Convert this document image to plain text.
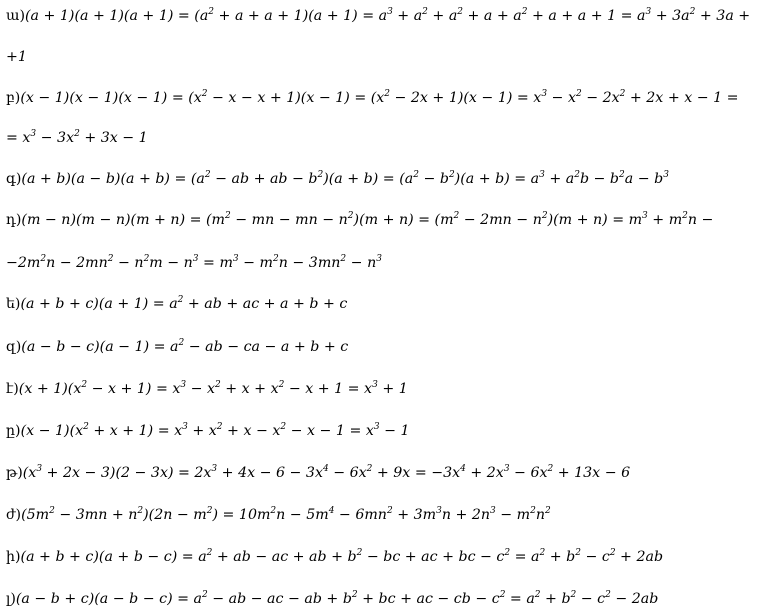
ա)(a + $1)(a + 1)(a + 1) = (a^2 + a + a + 1)(a + 1) = a^3 + a^2 + a^2 + a + a^2 + a + a + 1 = a^3 + 3a^2 + 3a$ +
+1
բ)(x − $1)(x - 1)(x - 1) = (x^2 - x - x + 1)(x - 1) = (x^2 - 2x + 1)(x - 1) = x^3 - x^2 - 2x^2 + 2x + x - 1$ =
= $x^3 - 3x^2 + 3x - 1$
գ)(a + $b)(a - b)(a + b) = (a^2$ − ab + ab − $b^2)(a + b) = (a^2 - b^2)(a + b) = a^3 + a^2b - b^2a - b^3$
դ)(m − $n)(m - n)(m + n) = (m^2$ − mn − mn − $n^2)(m + n) = (m^2 - 2mn - n^2)(m + n) = m^3 + m^2n$ −
$-2m^2n - 2mn^2 - n^2m - n^3 = m^3 - m^2n - 3mn^2 - n^3$
ե)(a + $b + c)(a + 1) = a^2$ + ab + ac + a + b + c
զ)(a − $b - c)(a - 1) = a^2$ − ab − ca − a + b + c
է)(x + $1)(x^2 - x + 1) = x^3 - x^2 + x + x^2 - x + 1 = x^3 + 1$
ը)(x − $1)(x^2 + x + 1) = x^3 + x^2 + x - x^2 - x - 1 = x^3 - 1$
$թ)(x^3 + 2x - 3)(2 - 3x) = 2x^3 + 4x - 6 - 3x^4 - 6x^2 + 9x = -3x^4 + 2x^3 - 6x^2 + 13x - 6$
$ժ)(5m^2 - 3mn + n^2)(2n - m^2) = 10m^2n - 5m^4 - 6mn^2 + 3m^3n + 2n^3 - m^2n^2$
ի)(a + $b + c)(a + b - c) = a^2$ + ab − ac + ab + $b^2$ − bc + ac + bc − $c^2 = a^2 + b^2 - c^2 + 2ab$
լ)(a − $b + c)(a - b - c) = a^2$ − ab − ac − ab + $b^2$ + bc + ac − cb − $c^2 = a^2 + b^2 - c^2 - 2ab$
